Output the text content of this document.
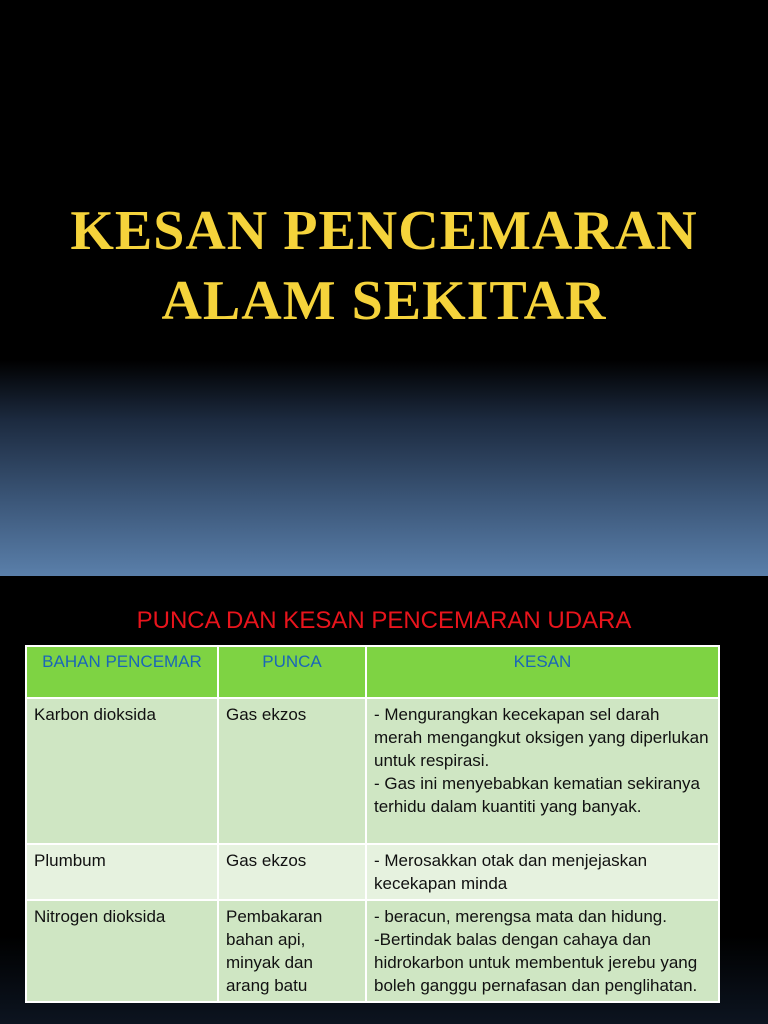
KESAN PENCEMARAN
ALAM SEKITAR
PUNCA DAN KESAN PENCEMARAN UDARA
BAHAN PENCEMAR	PUNCA	KESAN
Karbon dioksida	Gas ekzos	- Mengurangkan kecekapan sel darah merah mengangkut oksigen yang diperlukan untuk respirasi.
- Gas ini menyebabkan kematian sekiranya terhidu dalam kuantiti yang banyak.

Plumbum	Gas ekzos	- Merosakkan otak dan menjejaskan kecekapan minda

Nitrogen dioksida	Pembakaran bahan api, minyak dan arang batu	- beracun, merengsa mata dan hidung.
-Bertindak balas dengan cahaya dan hidrokarbon untuk membentuk jerebu yang boleh ganggu pernafasan dan penglihatan.
